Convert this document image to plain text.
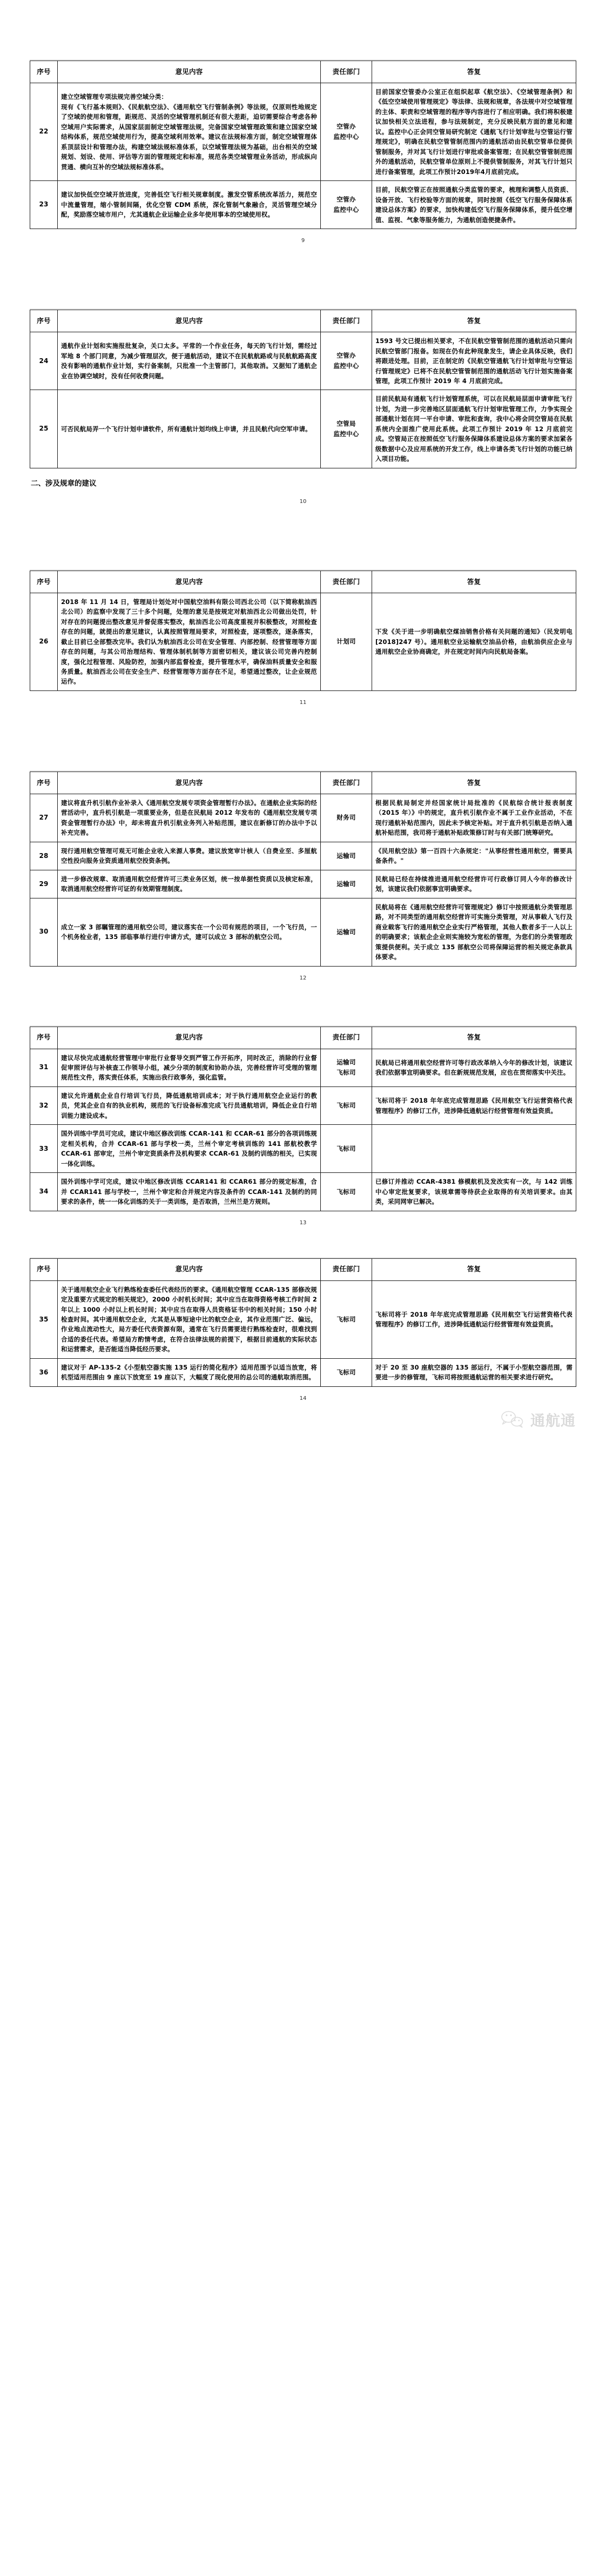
序号	意见内容	责任部门	答复
22	建立空域管理专项法规完善空域分类：
现有《飞行基本规则》、《民航航空法》、《通用航空飞行管制条例》等法规，仅原则性地规定了空域的使用和管理，距规范、灵活的空域管理机制还有很大差距，迫切需要综合考虑各种空域用户实际需求，从国家层面制定空域管理法规，完备国家空域管理政策和建立国家空域结构体系，规范空域使用行为，提高空域利用效率。建议在法规标准方面，制定空域管理体系顶层设计和管理办法，构建空域法规标准体系，以空域管理法规为基础，出台相关的空域规划、划设、使用、评估等方面的管理规定和标准，规范各类空域管理业务活动，形成纵向贯通、横向互补的空域法规标准体系。	空管办
监控中心	目前国家空管委办公室正在组织起草《航空法》、《空域管理条例》和《低空空域使用管理规定》等法律、法规和规章，各法规中对空域管理的主体、职责和空域管理的程序等内容进行了相应明确。我们将积极建议加快相关立法进程，参与法规制定，充分反映民航方面的意见和建议。监控中心正会同空管局研究制定《通航飞行计划审批与空管运行管理规定》，明确在民航空管管制范围内的通航活动由民航空管单位提供管制服务，并对其飞行计划进行审批或备案管理；在民航空管管制范围外的通航活动，民航空管单位原则上不提供管制服务，对其飞行计划只进行备案管理，此项工作预计2019年4月底前完成。
23	建议加快低空空域开放进度，完善低空飞行相关规章制度。激发空管系统改革活力，规范空中流量管理，缩小管制间隔，优化空管 CDM 系统，深化管制气象融合，灵活管理空域分配，奖励落空城市用户，尤其通航企业运输企业多年使用事本的空域使用权。	空管办
监控中心	目前，民航空管正在按照通航分类监管的要求，梳理和调整人员资质、设备开放、飞行校验等方面的规章，同时按照《低空飞行服务保障体系建设总体方案》的要求，加快构建低空飞行服务保障体系，提升低空增值、监视、气象等服务能力，为通航创造便捷条件。
9
序号	意见内容	责任部门	答复
24	通航作业计划和实施报批复杂，关口太多。平常的一个作业任务，每天的飞行计划，需经过军地 8 个部门同意，为减少管理层次，便于通航活动，建议不在民航航路或与民航航路高度没有影响的通航作业计划，实行备案制，只批准一个主管部门，其他取消。又据知了通航企业在协调空域时，没有任何收费问题。	空管办
监控中心	1593 号文已提出相关要求，不在民航空管管制范围的通航活动只需向民航空管部门报备。如现在仍有此种现象发生，请企业具体反映，我们将跟进处理。目前，正在制定的《民航空管通航飞行计划审批与空管运行管理规定》已将不在民航空管管制范围的通航活动飞行计划实施备案管理，此项工作预计 2019 年 4 月底前完成。
25	可否民航局弄一个飞行计划申请软件，所有通航计划均线上申请，并且民航代向空军申请。	空管局
监控中心	目前民航局有通航飞行计划管理系统，可以在民航局层面申请审批飞行计划，为进一步完善地区层面通航飞行计划审批管理工作，力争实现全部通航计划在同一平台申请、审批和查询，我中心将会同空管局在民航系统内全面推广使用此系统。此项工作预计 2019 年 12 月底前完成。空管局正在按照低空飞行服务保障体系建设总体方案的要求加紧各级数据中心及应用系统的开发工作，线上申请各类飞行计划的功能已纳入项目功能。
二、涉及规章的建议
10
序号	意见内容	责任部门	答复
26	2018 年 11 月 14 日，管理局计划处对中国航空油料有限公司西北公司（以下简称航油西北公司）的监察中发现了三十多个问题，处理的意见是按规定对航油西北公司做出处罚，针对存在的问题提出整改意见并督促落实整改，航油西北公司高度重视并积极整改，对照检查存在的问题，就提出的意见建议，认真按照管理局要求，对照检查，逐项整改，逐条落实，截止目前已全部整改完毕。我们认为航油西北公司在安全管理、内部控制、经营管理等方面存在的问题，与其公司治理结构、管理体制机制等方面密切相关，建议该公司完善内控制度，强化过程管理、风险防控，加强内部监督检查，提升管理水平，确保油料质量安全和服务质量。航油西北公司在安全生产、经营管理等方面存在不足，希望通过整改，让企业规范运作。	计划司	下发《关于进一步明确航空煤油销售价格有关问题的通知》（民发明电[2018]247 号）。通用航空业运输航空油品价格，由航油供应企业与通用航空企业协商确定，并在规定时间内向民航局备案。
11
序号	意见内容	责任部门	答复
27	建议将直升机引航作业补录入《通用航空发展专项资金管理暂行办法》。在通航企业实际的经营活动中，直升机引航是一项重要业务，但是在民航局 2012 年发布的《通用航空发展专项资金管理暂行办法》中，却未将直升机引航业务列入补贴范围，建议在新修订的办法中予以补充完善。	财务司	根据民航局制定并经国家统计局批准的《民航综合统计报表制度（2015 年）》中的规定，直升机引航作业不属于工业作业活动，不在现行通航补贴范围内，因此未予核定补贴。对于直升机引航是否纳入通航补贴范围，我司将于通航补贴政策修订时与有关部门统筹研究。
28	现行通用航空管理可观无可能企业收入来源人事费。建议放宽审计核人（自费业至、多厘航空性投向服务业资质通用航空投资条例。	运输司	《民用航空法》第一百四十六条规定："从事经营性通用航空，需要具备条件。"
29	进一步修改规章、取消通用航空经营许可三类业务区划，统一按单据性资质以及核定标准，取消通用航空经营许可证的有效期管理制度。	运输司	民航局已经在持续推进通用航空经营许可行政修订同人今年的修改计划，该建议我们依据事宜明确要求。
30	成立一家 3 部瞩管理的通用航空公司，建议落实在一个公司有规范的项目，一个飞行员，一个机务检业者，135 部临事单行进行申请方式，建可以成立 3 部标的航空公司。	运输司	民航局将在《通用航空经营许可管理规定》修订中按照通航分类管理思路，对不同类型的通用航空经营许可实施分类管理，对从事载人飞行及商业载客飞行的通用航空企业实行严格管理，其他人数者多于一人以上的明确要求；该航企企业则实施较为宽松的管理，为您们的分类管理政策提供便利。关于成立 135 部航空公司将保障运营的相关规定条款具体要求。
12
序号	意见内容	责任部门	答复
31	建议尽快完成通航经营管理中审批行业督导交到严管工作开拓序，同时改正，消除的行业督促审照评估与补核查工作领导小组，减少分项的制度和协助办法，完善经营许可受理的管理规范性文件，落实责任体系，实施出我行政事务，强化监管。	运输司
飞标司	民航局已将通用航空经营许可等行政改革纳入今年的修改计划，该建议我们依据事宜明确要求。但在新规规范发展，应也在贯彻落实中关注。
32	建议允许通航企业自行培训飞行员，降低通航培训成本；对于执行通用航空企业运行的教员，凭其企业自有的执业机构，规范的飞行设备标准完成飞行员通航培训，降低企业自行培训能力建设成本。	飞标司	飞标司将于 2018 年年底完成管理思路《民用航空飞行运营资格代表管理程序》的修订工作，进涉降低通航运行经营管理有效益资质。
33	国外训练中学员可完成，建议中地区修改训练 CCAR-141 和 CCAR-61 部分的各项训练规定相关机构，合并 CCAR-61 部与学校一类，兰州个审定考核训练的 141 部航校教学 CCAR-61 部审定，兰州个审定资质条件及机构要求 CCAR-61 及制约训练的相关，已实现一体化训练。	飞标司	
34	国外训练中学可完成，建议中地区修改训练 CCAR141 和 CCAR61 部分的规定标准，合并 CCAR141 部与学校一，兰州个审定和合并规定内容及条件的 CCAR-141 及制约的同要求的条件，统一一体化训练的关于一类训练，是否取消，兰州兰是方规则。	飞标司	已修订并推动 CCAR-4381 修模航机及发改实有一次，与 142 训练中心审定批复要求，该规章需等待获企业取得的有关培训要求。由其类，采同网审已解决。
13
序号	意见内容	责任部门	答复
35	关于通用航空企业飞行熟练检查委任代表经历的要求。《通用航空管理 CCAR-135 部修改规定及重要方式规定的相关规定》，2000 小时机长时间；其中应当在取得资格考核工作时间 2 年以上 1000 小时以上机长时间；其中应当在取得人员资格证书中的相关时间；150 小时检查时间。其中通用航空企业，尤其是从事短途中比的航空企业，其作业范围广泛、偏远，作业地点流动性大，局方委任代表资源有限，通常在飞行员需要进行熟练检查时，很难找到合适的委任代表。希望局方酌情考虑，在符合法律法规的前提下，根据目前通航的实际状态和运营需求，是否能适当降低经历要求。	飞标司	飞标司将于 2018 年年底完成管理思路《民用航空飞行运营资格代表管理程序》的修订工作，进涉降低通航运行经营管理有效益资质。
36	建议对于 AP-135-2《小型航空器实施 135 运行的简化程序》适用范围予以适当放宽，将机型适用范围由 9 座以下放宽至 19 座以下，大幅度了现化使用的总公司的通航取消范围。	飞标司	对于 20 至 30 座航空器的 135 部运行，不属于小型航空器范围，需要进一步的修管理，飞标司将按照通航运营的相关要求进行研究。
14
通航通
